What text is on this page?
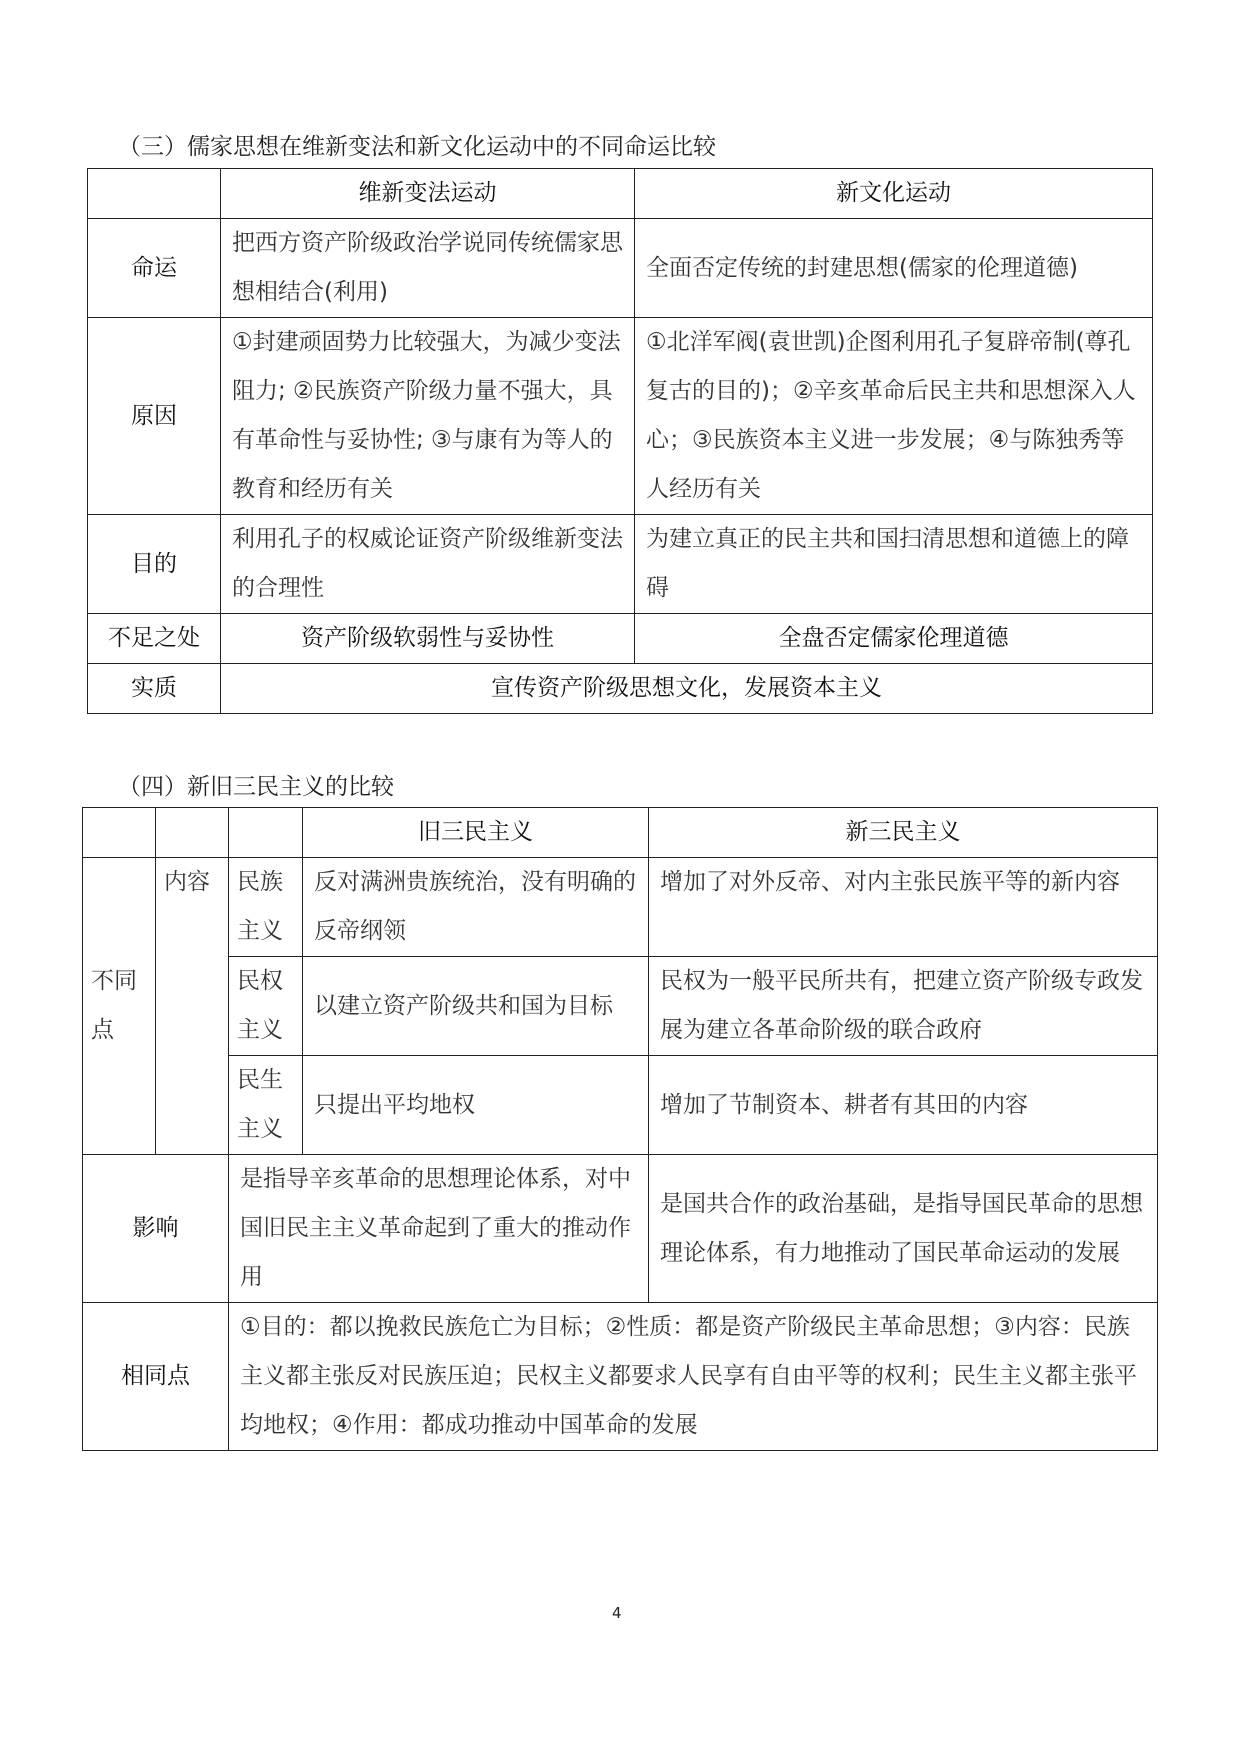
（三）儒家思想在维新变法和新文化运动中的不同命运比较
	维新变法运动	新文化运动
命运	把西方资产阶级政治学说同传统儒家思想相结合(利用)	全面否定传统的封建思想(儒家的伦理道德)
原因	①封建顽固势力比较强大，为减少变法阻力; ②民族资产阶级力量不强大，具有革命性与妥协性; ③与康有为等人的教育和经历有关	①北洋军阀(袁世凯)企图利用孔子复辟帝制(尊孔复古的目的)；②辛亥革命后民主共和思想深入人心；③民族资本主义进一步发展；④与陈独秀等人经历有关
目的	利用孔子的权威论证资产阶级维新变法的合理性	为建立真正的民主共和国扫清思想和道德上的障碍
不足之处	资产阶级软弱性与妥协性	全盘否定儒家伦理道德
实质	宣传资产阶级思想文化，发展资本主义	
（四）新旧三民主义的比较
			旧三民主义	新三民主义
不同点	内容	民族主义	反对满洲贵族统治，没有明确的反帝纲领	增加了对外反帝、对内主张民族平等的新内容
		民权主义	以建立资产阶级共和国为目标	民权为一般平民所共有，把建立资产阶级专政发展为建立各革命阶级的联合政府
		民生主义	只提出平均地权	增加了节制资本、耕者有其田的内容
影响		是指导辛亥革命的思想理论体系，对中国旧民主主义革命起到了重大的推动作用		是国共合作的政治基础，是指导国民革命的思想理论体系，有力地推动了国民革命运动的发展
相同点		①目的：都以挽救民族危亡为目标；②性质：都是资产阶级民主革命思想；③内容：民族主义都主张反对民族压迫；民权主义都要求人民享有自由平等的权利；民生主义都主张平均地权；④作用：都成功推动中国革命的发展		
4
